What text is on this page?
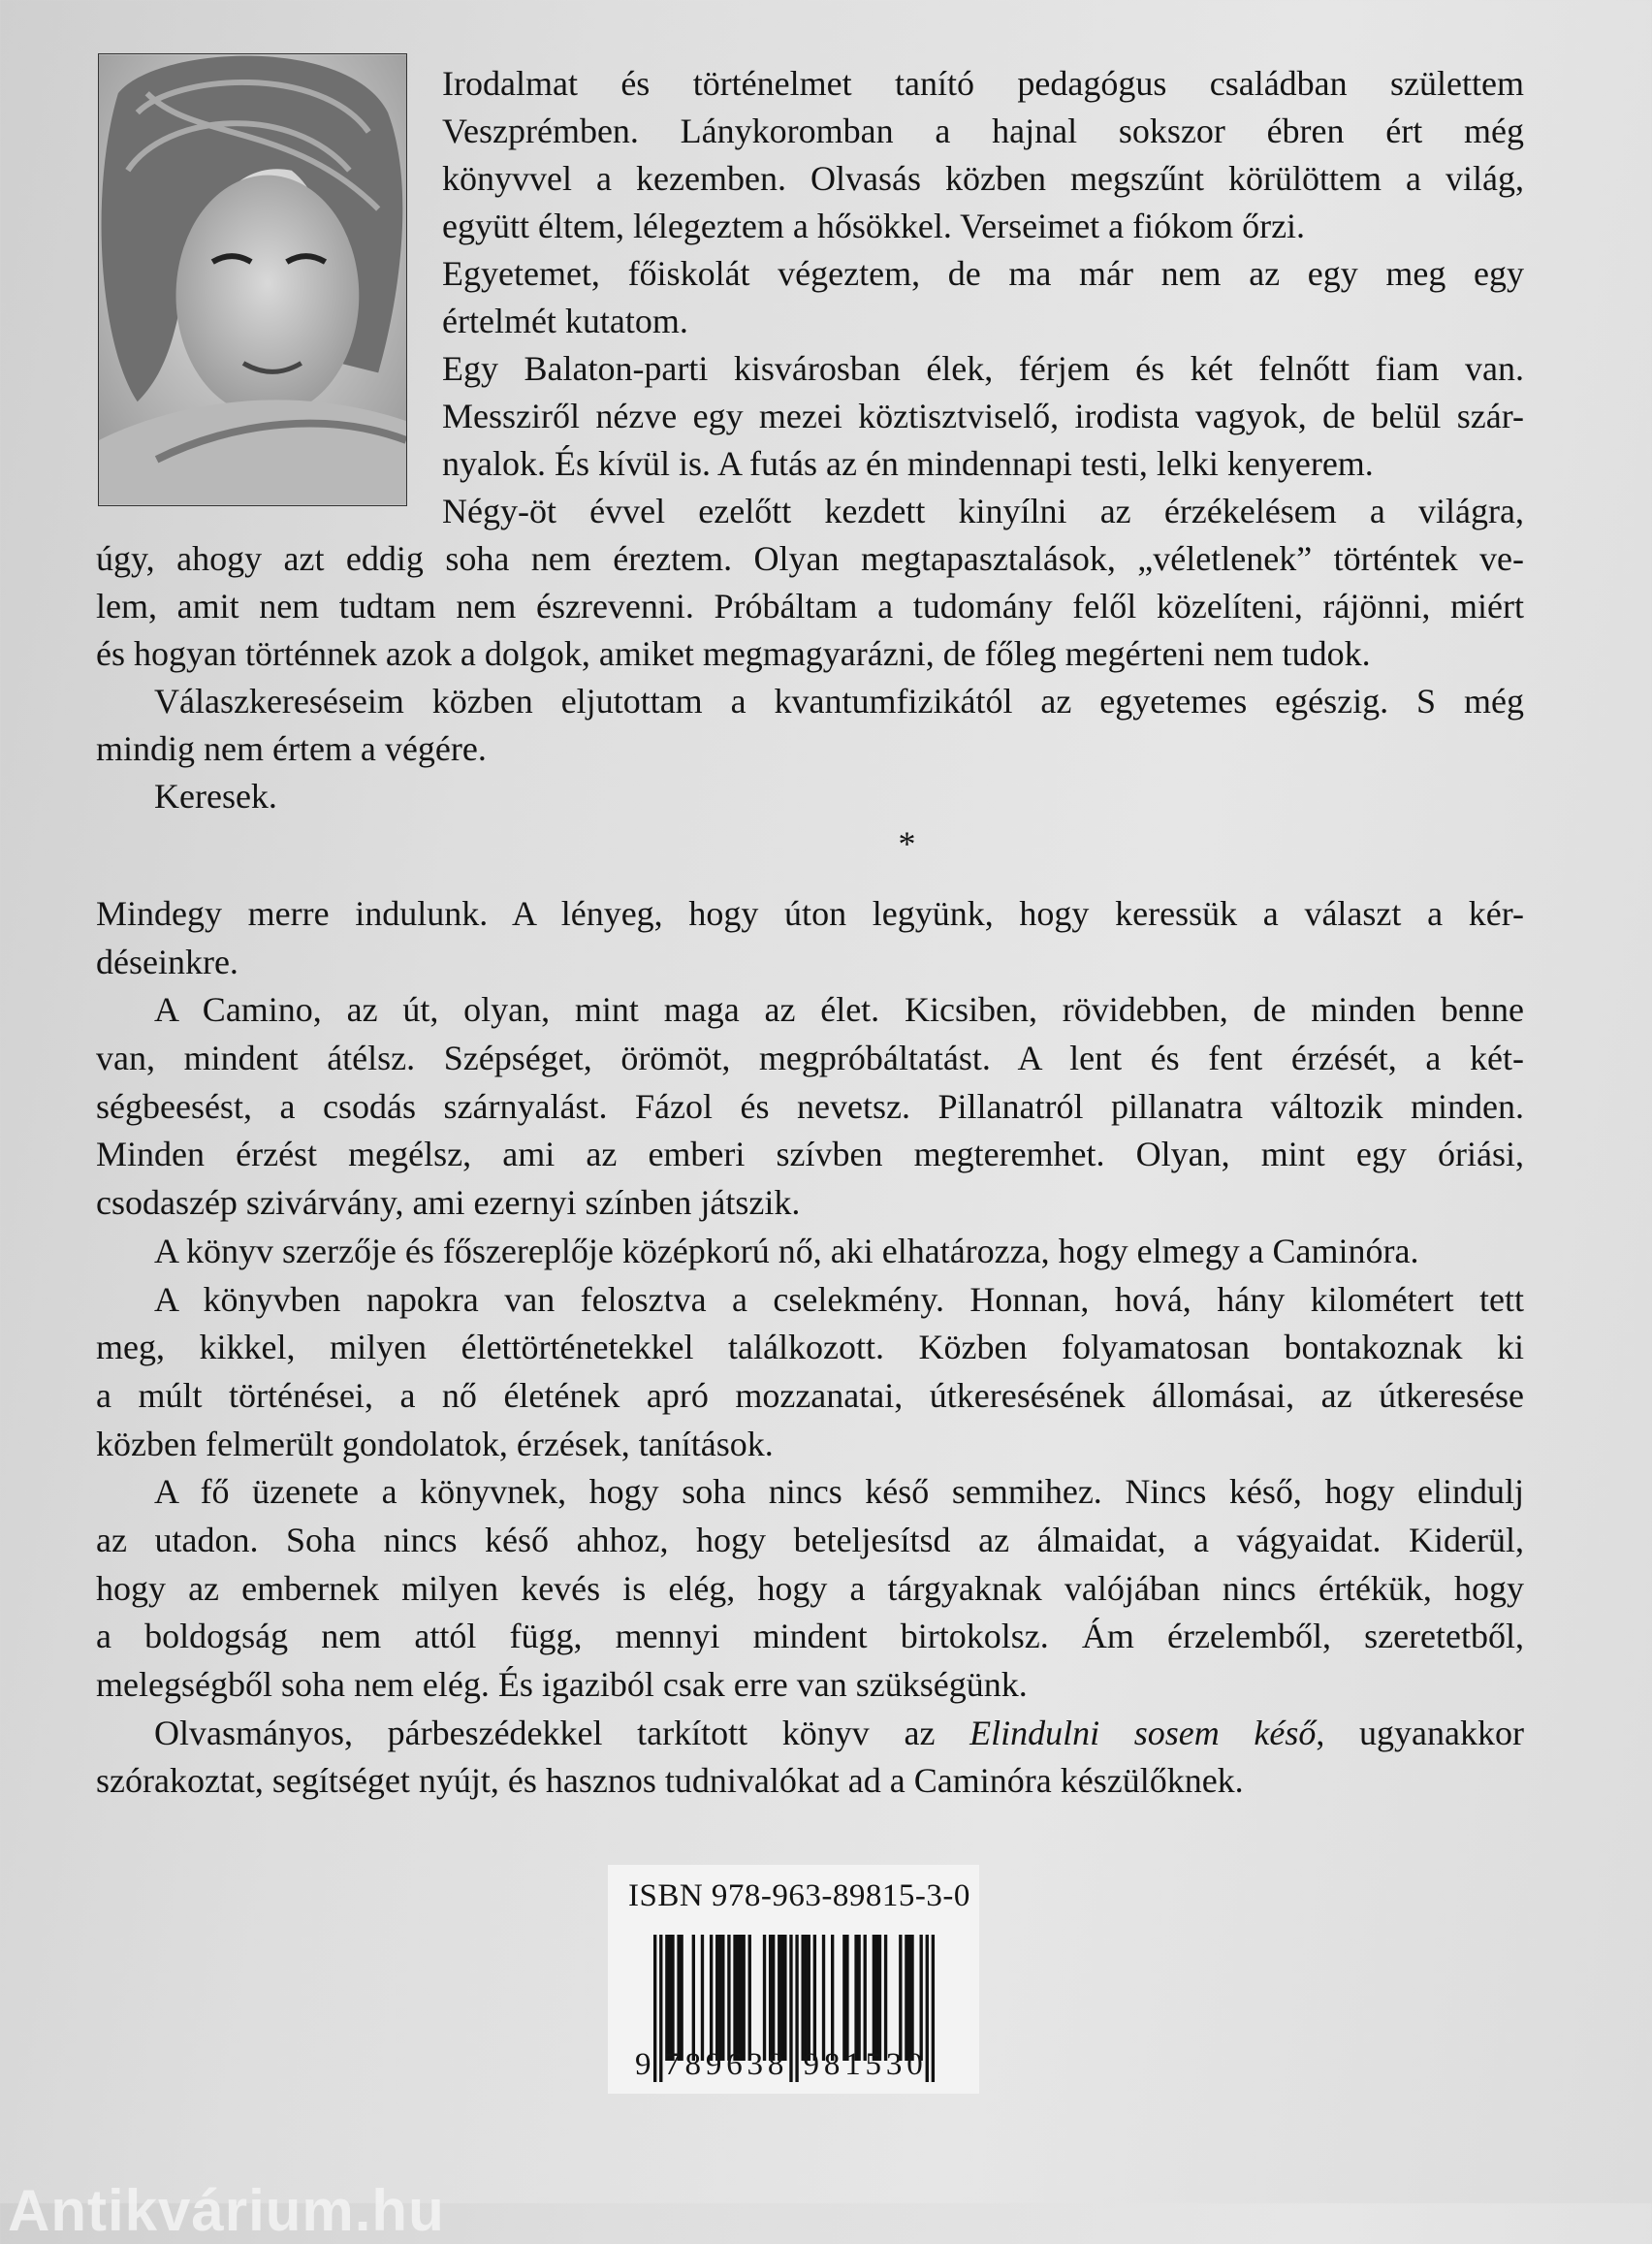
Irodalmat és történelmet tanító pedagógus családban születtem
Veszprémben. Lánykoromban a hajnal sokszor ébren ért még
könyvvel a kezemben. Olvasás közben megszűnt körülöttem a világ,
együtt éltem, lélegeztem a hősökkel. Verseimet a fiókom őrzi.
Egyetemet, főiskolát végeztem, de ma már nem az egy meg egy
értelmét kutatom.
Egy Balaton-parti kisvárosban élek, férjem és két felnőtt fiam van.
Messziről nézve egy mezei köztisztviselő, irodista vagyok, de belül szár-
nyalok. És kívül is. A futás az én mindennapi testi, lelki kenyerem.
Négy-öt évvel ezelőtt kezdett kinyílni az érzékelésem a világra,
úgy, ahogy azt eddig soha nem éreztem. Olyan megtapasztalások, „véletlenek” történtek ve-
lem, amit nem tudtam nem észrevenni. Próbáltam a tudomány felől közelíteni, rájönni, miért
és hogyan történnek azok a dolgok, amiket megmagyarázni, de főleg megérteni nem tudok.
Válaszkereséseim közben eljutottam a kvantumfizikától az egyetemes egészig. S még
mindig nem értem a végére.
Keresek.
*
Mindegy merre indulunk. A lényeg, hogy úton legyünk, hogy keressük a választ a kér-
déseinkre.
A Camino, az út, olyan, mint maga az élet. Kicsiben, rövidebben, de minden benne
van, mindent átélsz. Szépséget, örömöt, megpróbáltatást. A lent és fent érzését, a két-
ségbeesést, a csodás szárnyalást. Fázol és nevetsz. Pillanatról pillanatra változik minden.
Minden érzést megélsz, ami az emberi szívben megteremhet. Olyan, mint egy óriási,
csodaszép szivárvány, ami ezernyi színben játszik.
A könyv szerzője és főszereplője középkorú nő, aki elhatározza, hogy elmegy a Caminóra.
A könyvben napokra van felosztva a cselekmény. Honnan, hová, hány kilométert tett
meg, kikkel, milyen élettörténetekkel találkozott. Közben folyamatosan bontakoznak ki
a múlt történései, a nő életének apró mozzanatai, útkeresésének állomásai, az útkeresése
közben felmerült gondolatok, érzések, tanítások.
A fő üzenete a könyvnek, hogy soha nincs késő semmihez. Nincs késő, hogy elindulj
az utadon. Soha nincs késő ahhoz, hogy beteljesítsd az álmaidat, a vágyaidat. Kiderül,
hogy az embernek milyen kevés is elég, hogy a tárgyaknak valójában nincs értékük, hogy
a boldogság nem attól függ, mennyi mindent birtokolsz. Ám érzelemből, szeretetből,
melegségből soha nem elég. És igaziból csak erre van szükségünk.
Olvasmányos, párbeszédekkel tarkított könyv az Elindulni sosem késő, ugyanakkor
szórakoztat, segítséget nyújt, és hasznos tudnivalókat ad a Caminóra készülőknek.
ISBN 978-963-89815-3-0
9 7 8 9 6 3 8 9 8 1 5 3 0
Antikvárium.hu
